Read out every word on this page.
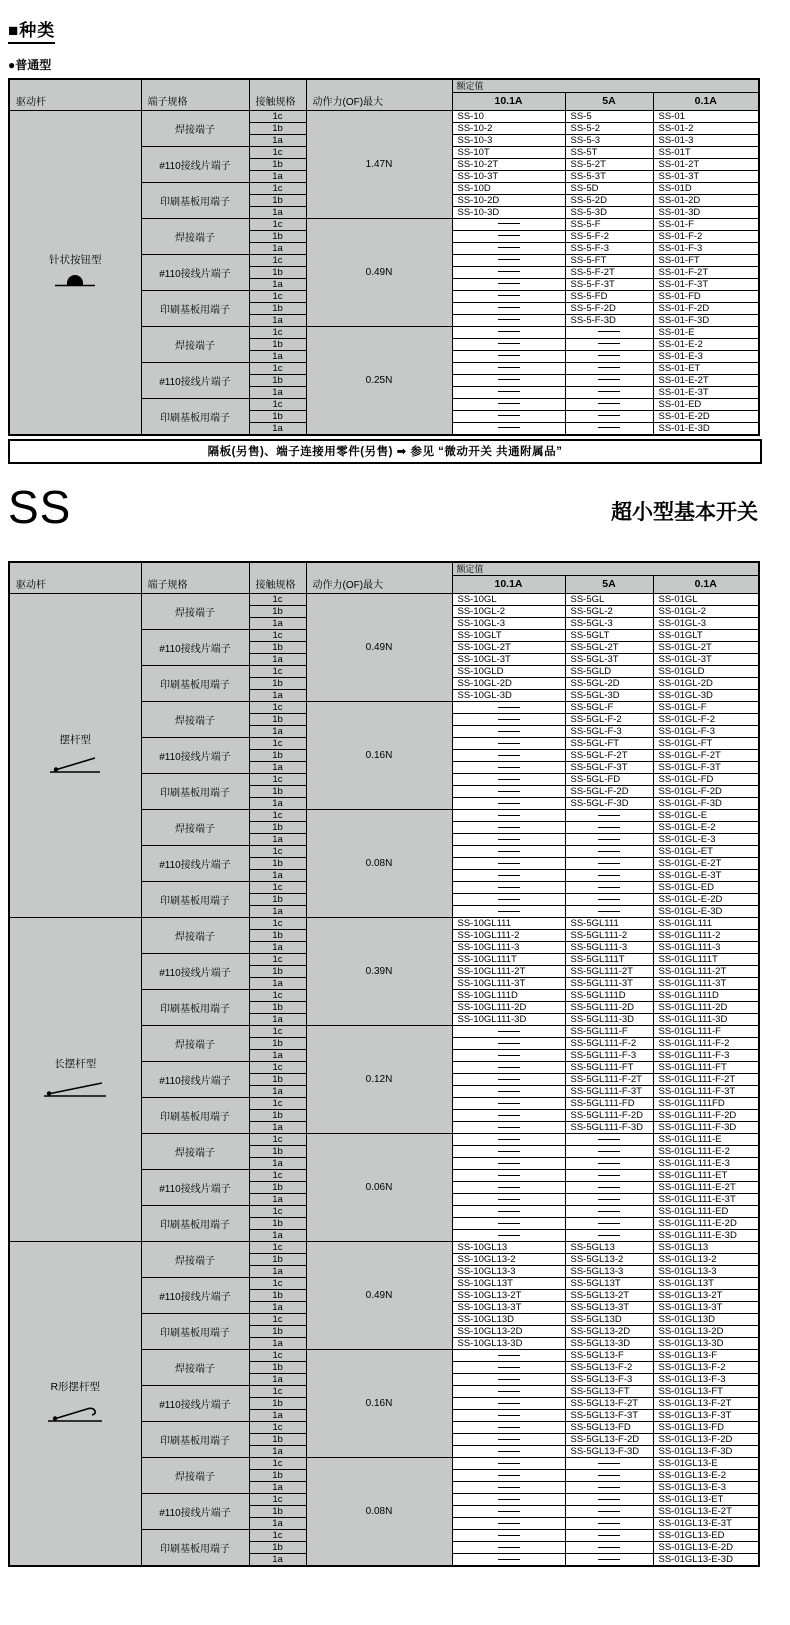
■种类
●普通型
驱动杆	端子规格	接触规格	动作力(OF)最大	额定值		
				10.1A	5A	0.1A

针状按钮型	焊接端子	1c	1.47N	SS-10	SS-5	SS-01
		1b		SS-10-2	SS-5-2	SS-01-2
		1a		SS-10-3	SS-5-3	SS-01-3
	#110接线片端子	1c		SS-10T	SS-5T	SS-01T
		1b		SS-10-2T	SS-5-2T	SS-01-2T
		1a		SS-10-3T	SS-5-3T	SS-01-3T
	印刷基板用端子	1c		SS-10D	SS-5D	SS-01D
		1b		SS-10-2D	SS-5-2D	SS-01-2D
		1a		SS-10-3D	SS-5-3D	SS-01-3D
	焊接端子	1c	0.49N		SS-5-F	SS-01-F
		1b			SS-5-F-2	SS-01-F-2
		1a			SS-5-F-3	SS-01-F-3
	#110接线片端子	1c			SS-5-FT	SS-01-FT
		1b			SS-5-F-2T	SS-01-F-2T
		1a			SS-5-F-3T	SS-01-F-3T
	印刷基板用端子	1c			SS-5-FD	SS-01-FD
		1b			SS-5-F-2D	SS-01-F-2D
		1a			SS-5-F-3D	SS-01-F-3D
	焊接端子	1c	0.25N			SS-01-E
		1b				SS-01-E-2
		1a				SS-01-E-3
	#110接线片端子	1c				SS-01-ET
		1b				SS-01-E-2T
		1a				SS-01-E-3T
	印刷基板用端子	1c				SS-01-ED
		1b				SS-01-E-2D
		1a				SS-01-E-3D
隔板(另售)、端子连接用零件(另售) ➡ 参见 “微动开关 共通附属品”
SS	超小型基本开关
驱动杆	端子规格	接触规格	动作力(OF)最大	额定值		
				10.1A	5A	0.1A

摆杆型	焊接端子	1c	0.49N	SS-10GL	SS-5GL	SS-01GL
		1b		SS-10GL-2	SS-5GL-2	SS-01GL-2
		1a		SS-10GL-3	SS-5GL-3	SS-01GL-3
	#110接线片端子	1c		SS-10GLT	SS-5GLT	SS-01GLT
		1b		SS-10GL-2T	SS-5GL-2T	SS-01GL-2T
		1a		SS-10GL-3T	SS-5GL-3T	SS-01GL-3T
	印刷基板用端子	1c		SS-10GLD	SS-5GLD	SS-01GLD
		1b		SS-10GL-2D	SS-5GL-2D	SS-01GL-2D
		1a		SS-10GL-3D	SS-5GL-3D	SS-01GL-3D
	焊接端子	1c	0.16N		SS-5GL-F	SS-01GL-F
		1b			SS-5GL-F-2	SS-01GL-F-2
		1a			SS-5GL-F-3	SS-01GL-F-3
	#110接线片端子	1c			SS-5GL-FT	SS-01GL-FT
		1b			SS-5GL-F-2T	SS-01GL-F-2T
		1a			SS-5GL-F-3T	SS-01GL-F-3T
	印刷基板用端子	1c			SS-5GL-FD	SS-01GL-FD
		1b			SS-5GL-F-2D	SS-01GL-F-2D
		1a			SS-5GL-F-3D	SS-01GL-F-3D
	焊接端子	1c	0.08N			SS-01GL-E
		1b				SS-01GL-E-2
		1a				SS-01GL-E-3
	#110接线片端子	1c				SS-01GL-ET
		1b				SS-01GL-E-2T
		1a				SS-01GL-E-3T
	印刷基板用端子	1c				SS-01GL-ED
		1b				SS-01GL-E-2D
		1a				SS-01GL-E-3D

长摆杆型	焊接端子	1c	0.39N	SS-10GL111	SS-5GL111	SS-01GL111
		1b		SS-10GL111-2	SS-5GL111-2	SS-01GL111-2
		1a		SS-10GL111-3	SS-5GL111-3	SS-01GL111-3
	#110接线片端子	1c		SS-10GL111T	SS-5GL111T	SS-01GL111T
		1b		SS-10GL111-2T	SS-5GL111-2T	SS-01GL111-2T
		1a		SS-10GL111-3T	SS-5GL111-3T	SS-01GL111-3T
	印刷基板用端子	1c		SS-10GL111D	SS-5GL111D	SS-01GL111D
		1b		SS-10GL111-2D	SS-5GL111-2D	SS-01GL111-2D
		1a		SS-10GL111-3D	SS-5GL111-3D	SS-01GL111-3D
	焊接端子	1c	0.12N		SS-5GL111-F	SS-01GL111-F
		1b			SS-5GL111-F-2	SS-01GL111-F-2
		1a			SS-5GL111-F-3	SS-01GL111-F-3
	#110接线片端子	1c			SS-5GL111-FT	SS-01GL111-FT
		1b			SS-5GL111-F-2T	SS-01GL111-F-2T
		1a			SS-5GL111-F-3T	SS-01GL111-F-3T
	印刷基板用端子	1c			SS-5GL111-FD	SS-01GL111FD
		1b			SS-5GL111-F-2D	SS-01GL111-F-2D
		1a			SS-5GL111-F-3D	SS-01GL111-F-3D
	焊接端子	1c	0.06N			SS-01GL111-E
		1b				SS-01GL111-E-2
		1a				SS-01GL111-E-3
	#110接线片端子	1c				SS-01GL111-ET
		1b				SS-01GL111-E-2T
		1a				SS-01GL111-E-3T
	印刷基板用端子	1c				SS-01GL111-ED
		1b				SS-01GL111-E-2D
		1a				SS-01GL111-E-3D

R形摆杆型	焊接端子	1c	0.49N	SS-10GL13	SS-5GL13	SS-01GL13
		1b		SS-10GL13-2	SS-5GL13-2	SS-01GL13-2
		1a		SS-10GL13-3	SS-5GL13-3	SS-01GL13-3
	#110接线片端子	1c		SS-10GL13T	SS-5GL13T	SS-01GL13T
		1b		SS-10GL13-2T	SS-5GL13-2T	SS-01GL13-2T
		1a		SS-10GL13-3T	SS-5GL13-3T	SS-01GL13-3T
	印刷基板用端子	1c		SS-10GL13D	SS-5GL13D	SS-01GL13D
		1b		SS-10GL13-2D	SS-5GL13-2D	SS-01GL13-2D
		1a		SS-10GL13-3D	SS-5GL13-3D	SS-01GL13-3D
	焊接端子	1c	0.16N		SS-5GL13-F	SS-01GL13-F
		1b			SS-5GL13-F-2	SS-01GL13-F-2
		1a			SS-5GL13-F-3	SS-01GL13-F-3
	#110接线片端子	1c			SS-5GL13-FT	SS-01GL13-FT
		1b			SS-5GL13-F-2T	SS-01GL13-F-2T
		1a			SS-5GL13-F-3T	SS-01GL13-F-3T
	印刷基板用端子	1c			SS-5GL13-FD	SS-01GL13-FD
		1b			SS-5GL13-F-2D	SS-01GL13-F-2D
		1a			SS-5GL13-F-3D	SS-01GL13-F-3D
	焊接端子	1c	0.08N			SS-01GL13-E
		1b				SS-01GL13-E-2
		1a				SS-01GL13-E-3
	#110接线片端子	1c				SS-01GL13-ET
		1b				SS-01GL13-E-2T
		1a				SS-01GL13-E-3T
	印刷基板用端子	1c				SS-01GL13-ED
		1b				SS-01GL13-E-2D
		1a				SS-01GL13-E-3D
